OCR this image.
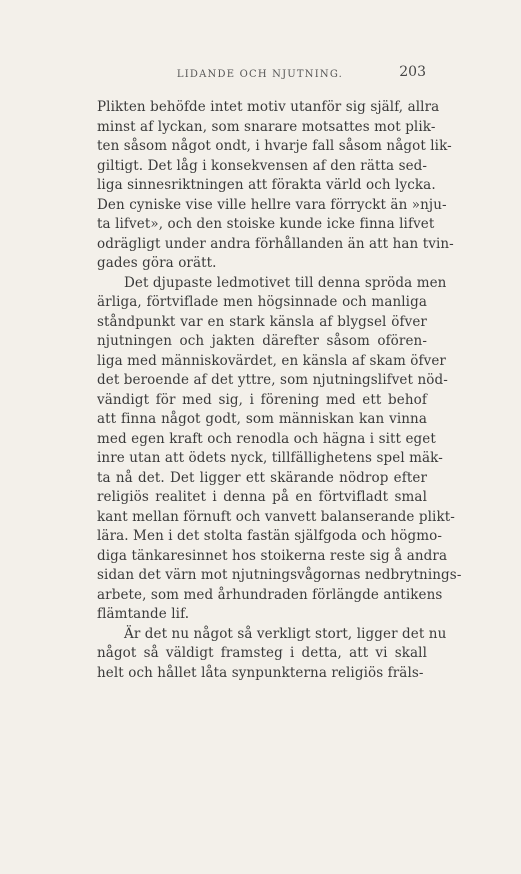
LIDANDE OCH NJUTNING.	203
Plikten behöfde intet motiv utanför sig själf, allra
minst af lyckan, som snarare motsattes mot plik-
ten såsom något ondt, i hvarje fall såsom något lik-
giltigt. Det låg i konsekvensen af den rätta sed-
liga sinnesriktningen att förakta värld och lycka.
Den cyniske vise ville hellre vara förryckt än »nju-
ta lifvet», och den stoiske kunde icke finna lifvet
odrägligt under andra förhållanden än att han tvin-
gades göra orätt.
Det djupaste ledmotivet till denna spröda men
ärliga, förtviflade men högsinnade och manliga
ståndpunkt var en stark känsla af blygsel öfver
njutningen och jakten därefter såsom ofören-
liga med människovärdet, en känsla af skam öfver
det beroende af det yttre, som njutningslifvet nöd-
vändigt för med sig, i förening med ett behof
att finna något godt, som människan kan vinna
med egen kraft och renodla och hägna i sitt eget
inre utan att ödets nyck, tillfällighetens spel mäk-
ta nå det. Det ligger ett skärande nödrop efter
religiös realitet i denna på en förtvifladt smal
kant mellan förnuft och vanvett balanserande plikt-
lära. Men i det stolta fastän själfgoda och högmo-
diga tänkaresinnet hos stoikerna reste sig å andra
sidan det värn mot njutningsvågornas nedbrytnings-
arbete, som med århundraden förlängde antikens
flämtande lif.
Är det nu något så verkligt stort, ligger det nu
något så väldigt framsteg i detta, att vi skall
helt och hållet låta synpunkterna religiös fräls-
